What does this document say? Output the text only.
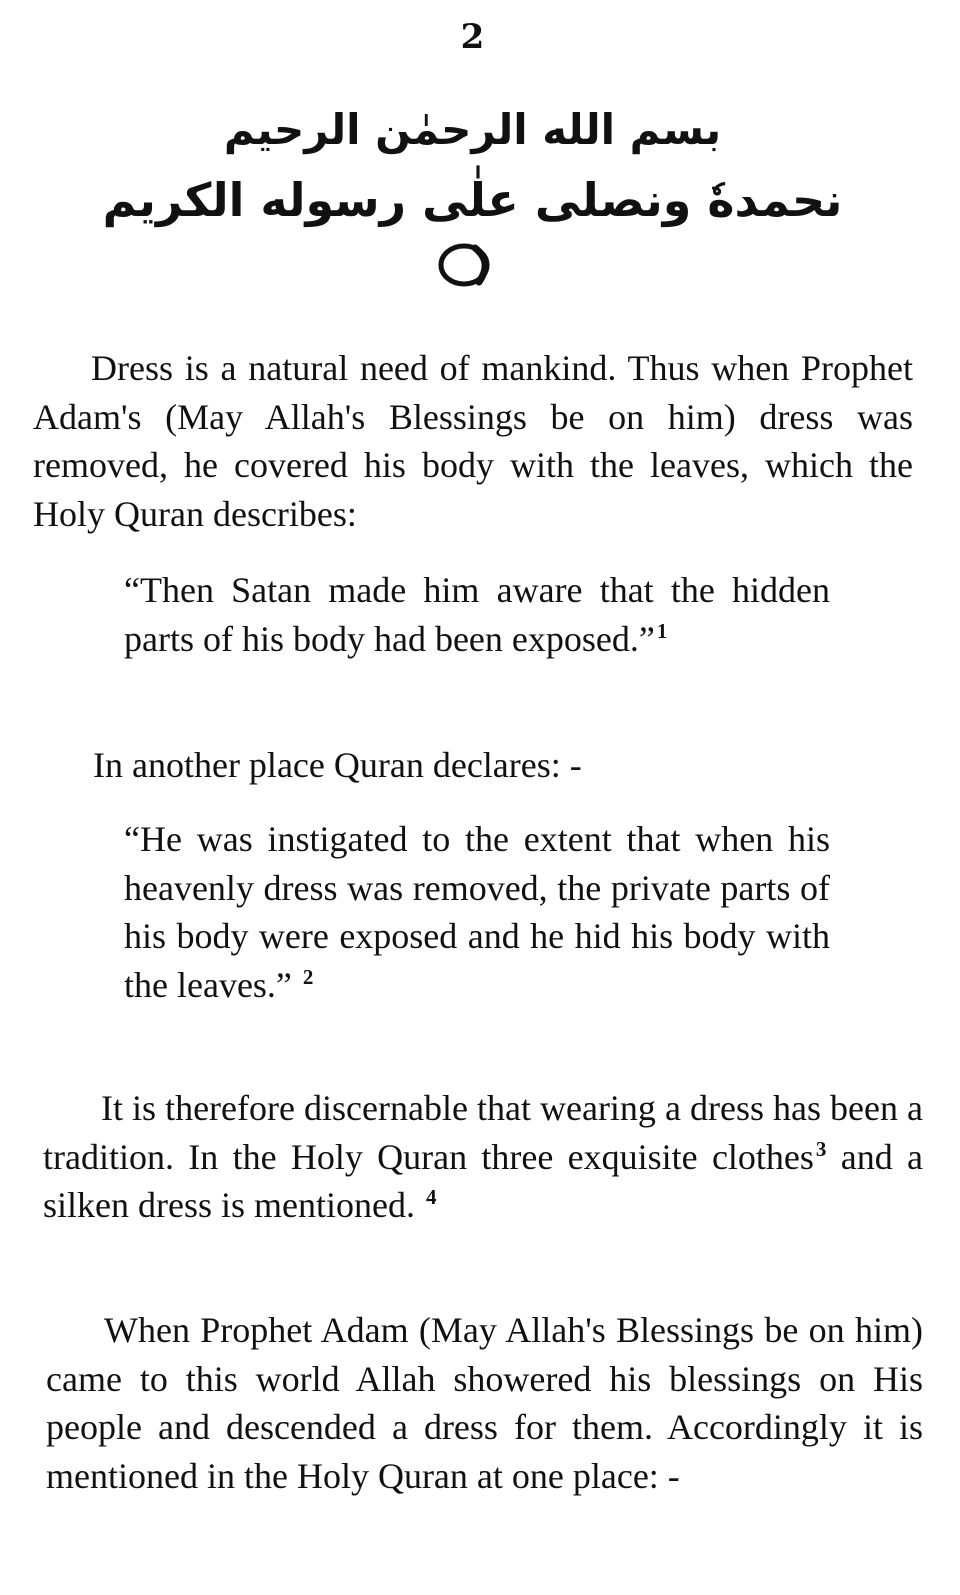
2
بسم الله الرحمٰن الرحيم
نحمدهٗ ونصلی علٰی رسوله الکریم

Dress is a natural need of mankind. Thus when Prophet Adam's (May Allah's Blessings be on him) dress was removed, he covered his body with the leaves, which the Holy Quran describes:

“Then Satan made him aware that the hidden parts of his body had been exposed.”$^1$

In another place Quran declares: -

“He was instigated to the extent that when his heavenly dress was removed, the private parts of his body were exposed and he hid his body with the leaves.” $^2$

It is therefore discernable that wearing a dress has been a tradition. In the Holy Quran three exquisite clothes$^3$ and a silken dress is mentioned. $^4$

When Prophet Adam (May Allah's Blessings be on him) came to this world Allah showered his blessings on His people and descended a dress for them. Accordingly it is mentioned in the Holy Quran at one place: -
